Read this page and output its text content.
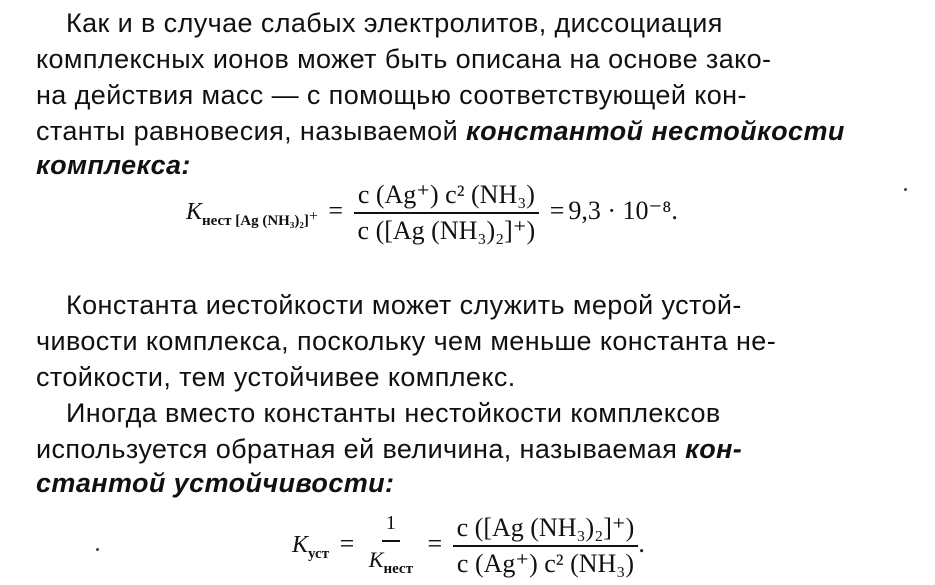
Как и в случае слабых электролитов, диссоциация
комплексных ионов может быть описана на основе зако-
на действия масс — с помощью соответствующей кон-
станты равновесия, называемой константой нестойкости
комплекса:
$K_{нест [Ag (NH_3)_2]}+ = \frac{\text{c (Ag⁺) c² (NH₃)}}{\text{c ([Ag (NH₃)₂]⁺)}} = 9,3 \cdot 10^{-8}$.
Константа иестойкости может служить мерой устой-
чивости комплекса, поскольку чем меньше константа не-
стойкости, тем устойчивее комплекс.
Иногда вместо константы нестойкости комплексов
используется обратная ей величина, называемая кон-
стантой устойчивости:
$K_{уст} = \frac{1}{K_{нест}} = \frac{\text{c ([Ag (NH₃)₂]⁺)}}{\text{c (Ag⁺) c² (NH₃)}}$ .
